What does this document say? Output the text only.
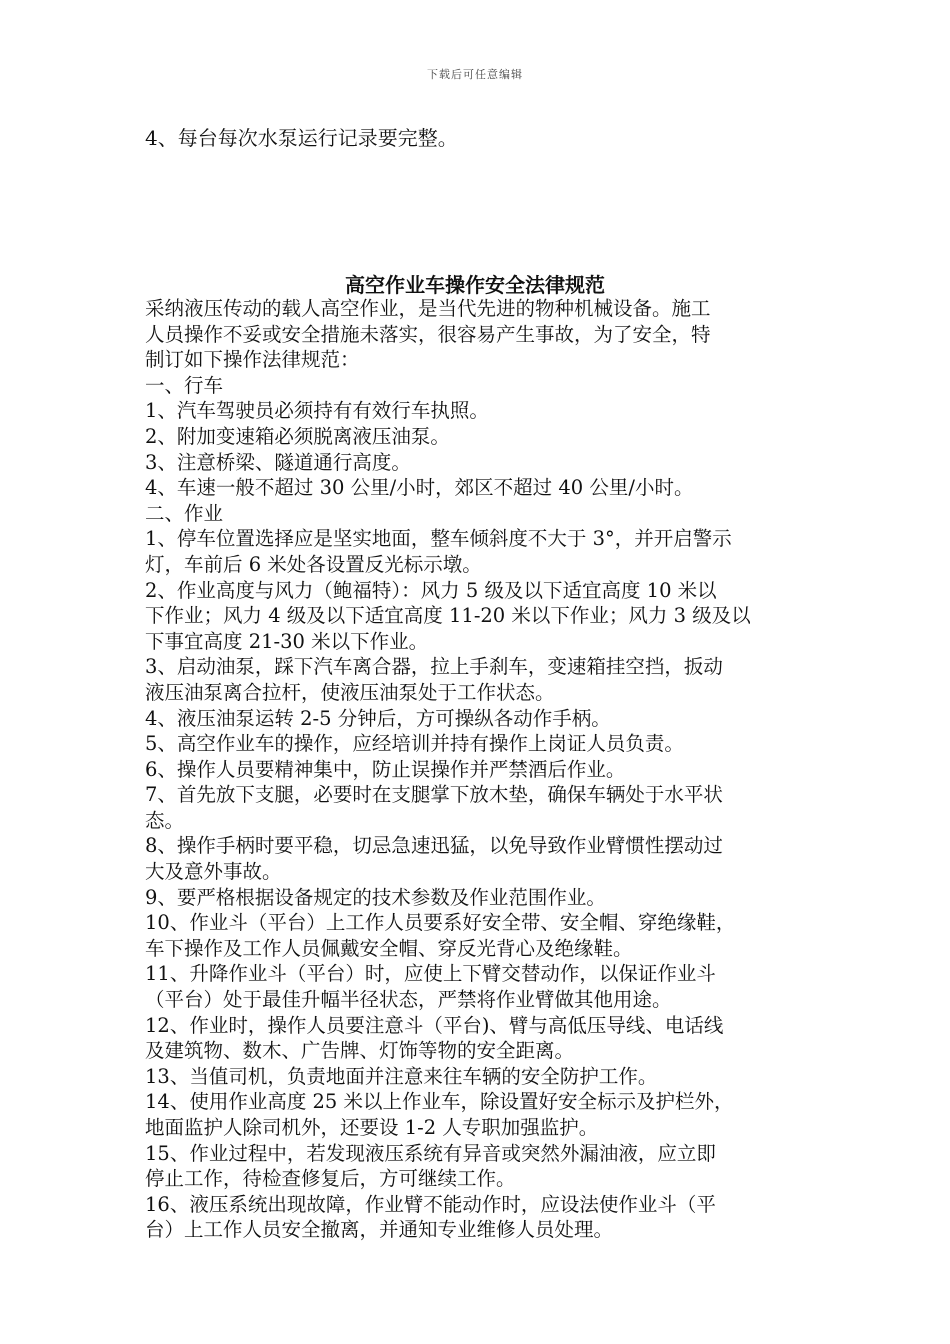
下载后可任意编辑
4、每台每次水泵运行记录要完整。
高空作业车操作安全法律规范
采纳液压传动的载人高空作业，是当代先进的物种机械设备。施工
人员操作不妥或安全措施未落实，很容易产生事故，为了安全，特
制订如下操作法律规范：
一、行车
1、汽车驾驶员必须持有有效行车执照。
2、附加变速箱必须脱离液压油泵。
3、注意桥梁、隧道通行高度。
4、车速一般不超过 30 公里/小时，郊区不超过 40 公里/小时。
二、作业
1、停车位置选择应是坚实地面，整车倾斜度不大于 3°，并开启警示
灯，车前后 6 米处各设置反光标示墩。
2、作业高度与风力（鲍福特）：风力 5 级及以下适宜高度 10 米以
下作业；风力 4 级及以下适宜高度 11-20 米以下作业；风力 3 级及以
下事宜高度 21-30 米以下作业。
3、启动油泵，踩下汽车离合器，拉上手刹车，变速箱挂空挡，扳动
液压油泵离合拉杆，使液压油泵处于工作状态。
4、液压油泵运转 2-5 分钟后，方可操纵各动作手柄。
5、高空作业车的操作，应经培训并持有操作上岗证人员负责。
6、操作人员要精神集中，防止误操作并严禁酒后作业。
7、首先放下支腿，必要时在支腿掌下放木垫，确保车辆处于水平状
态。
8、操作手柄时要平稳，切忌急速迅猛，以免导致作业臂惯性摆动过
大及意外事故。
9、要严格根据设备规定的技术参数及作业范围作业。
10、作业斗（平台）上工作人员要系好安全带、安全帽、穿绝缘鞋，
车下操作及工作人员佩戴安全帽、穿反光背心及绝缘鞋。
11、升降作业斗（平台）时，应使上下臂交替动作，以保证作业斗
（平台）处于最佳升幅半径状态，严禁将作业臂做其他用途。
12、作业时，操作人员要注意斗（平台)、臂与高低压导线、电话线
及建筑物、数木、广告牌、灯饰等物的安全距离。
13、当值司机，负责地面并注意来往车辆的安全防护工作。
14、使用作业高度 25 米以上作业车，除设置好安全标示及护栏外，
地面监护人除司机外，还要设 1-2 人专职加强监护。
15、作业过程中，若发现液压系统有异音或突然外漏油液，应立即
停止工作，待检查修复后，方可继续工作。
16、液压系统出现故障，作业臂不能动作时，应设法使作业斗（平
台）上工作人员安全撤离，并通知专业维修人员处理。
